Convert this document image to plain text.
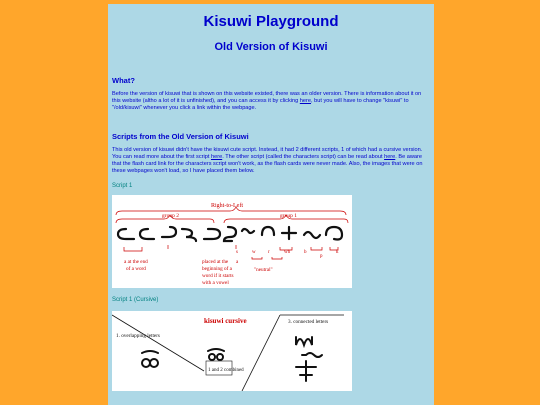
Kisuwi Playground
Old Version of Kisuwi
What?

Before the version of kisuwi that is shown on this website existed, there was an older version. There is information about it on this website (altho a lot of it is unfinished), and you can access it by clicking here, but you will have to change "kisuwi" to "/old/kisuwi" whenever you click a link within the webpage.

Scripts from the Old Version of Kisuwi

This old version of kisuwi didn't have the kisuwi cute script. Instead, it had 2 different scripts, 1 of which had a cursive version. You can read more about the first script here. The other script (called the characters script) can be read about here. Be aware that the flash card link for the characters script won't work, as the flash cards were never made. Also, the images that were on these webpages won't load, so I have placed them below.

Script 1
Right-to-Left
group 2	group 1
s	w r	wh	b
p
k
a
a at the end
of a word
placed at the
beginning of a
word if it starts
with a vowel
"neutral"
Script 1 (Cursive)
kisuwi cursive
1. overlapping letters
3. connected letters
1 and 2 combined
